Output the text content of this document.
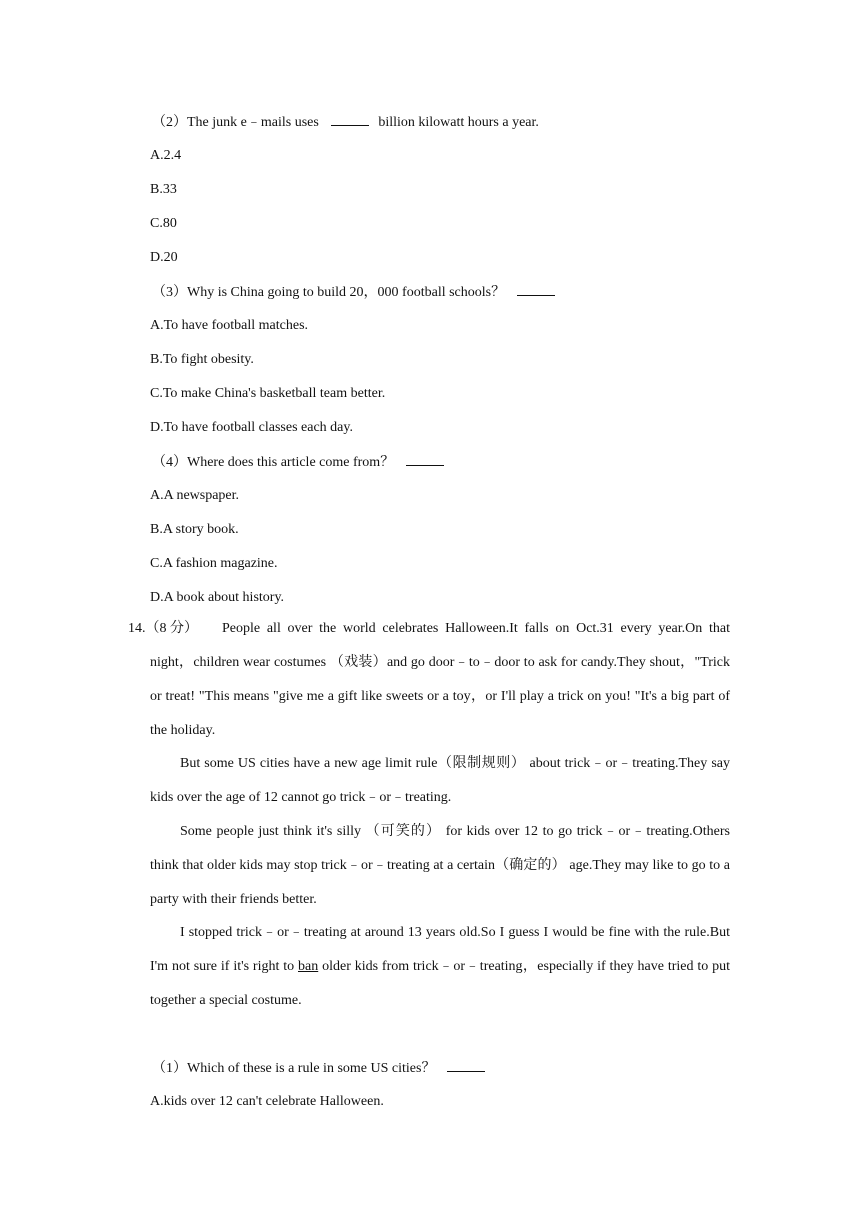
（2）The junk e﹣mails uses	billion kilowatt hours a year.
A.2.4
B.33
C.80
D.20
（3）Why is China going to build 20，000 football schools？
A.To have football matches.
B.To fight obesity.
C.To make China's basketball team better.
D.To have football classes each day.
（4）Where does this article come from？
A.A newspaper.
B.A story book.
C.A fashion magazine.
D.A book about history.
14.（8 分）	People all over the world celebrates Halloween.It falls on Oct.31 every year.On that night，children wear costumes （戏装）and go door﹣to﹣door to ask for candy.They shout，"Trick or treat! "This means "give me a gift like sweets or a toy，or I'll play a trick on you! "It's a big part of the holiday.
But some US cities have a new age limit rule（限制规则） about trick﹣or﹣treating.They say kids over the age of 12 cannot go trick﹣or﹣treating.
Some people just think it's silly （可笑的） for kids over 12 to go trick﹣or﹣treating.Others think that older kids may stop trick﹣or﹣treating at a certain（确定的） age.They may like to go to a party with their friends better.
I stopped trick﹣or﹣treating at around 13 years old.So I guess I would be fine with the rule.But I'm not sure if it's right to ban older kids from trick﹣or﹣treating，especially if they have tried to put together a special costume.
（1）Which of these is a rule in some US cities？
A.kids over 12 can't celebrate Halloween.
